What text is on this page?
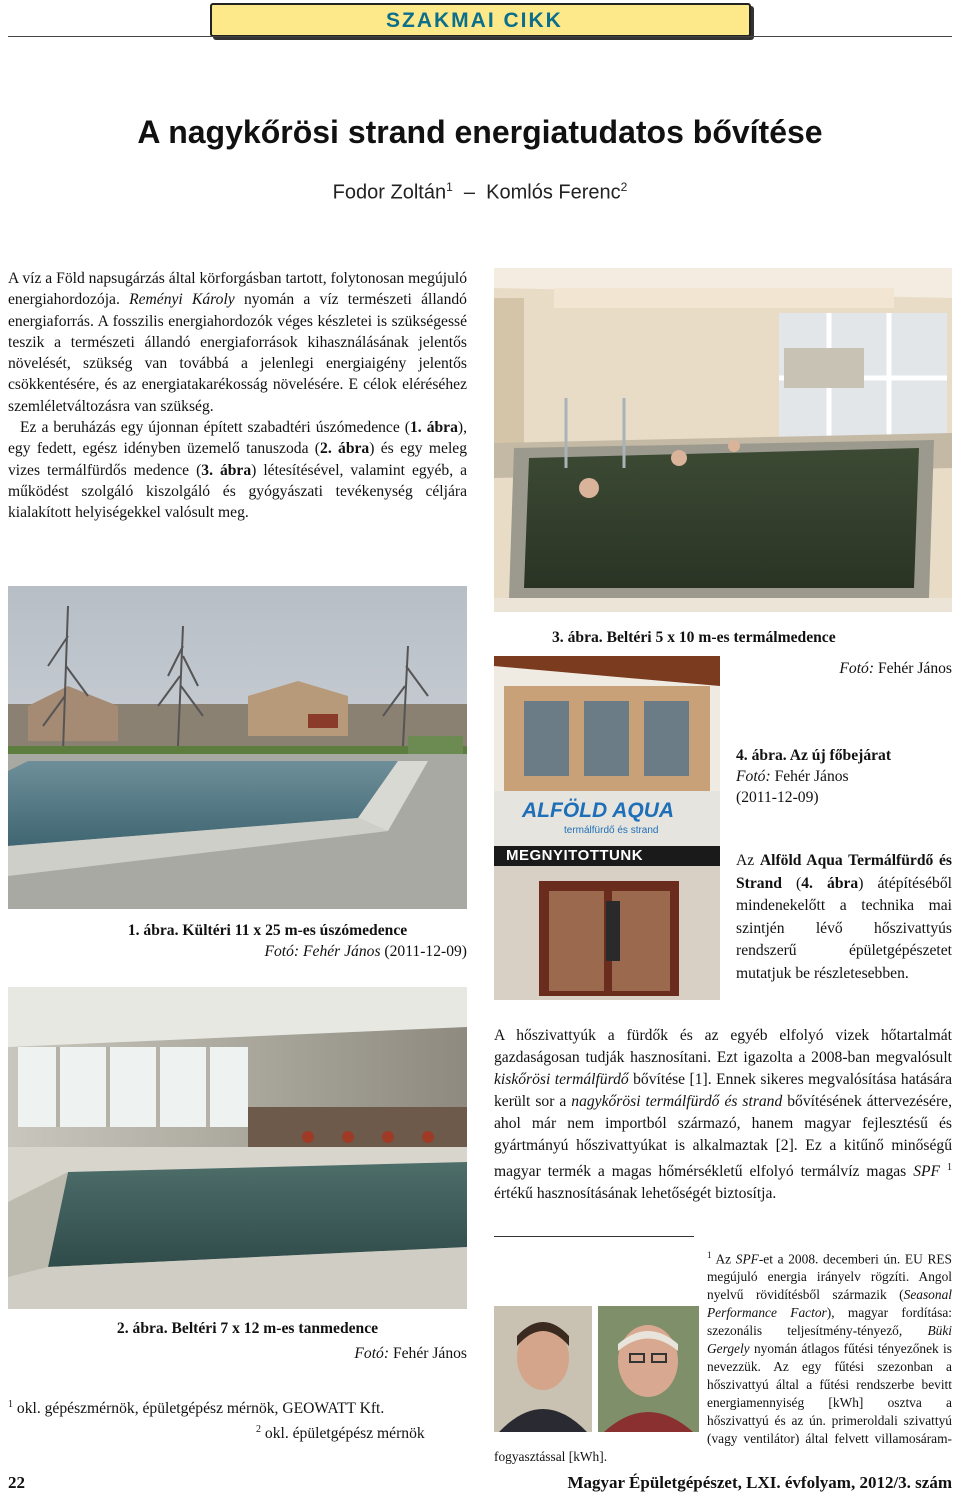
SZAKMAI CIKK
A nagykőrösi strand energiatudatos bővítése
Fodor Zoltán$^1$ – Komlós Ferenc$^2$

A víz a Föld napsugárzás által körforgásban tartott, folytonosan megújuló energiahordozója. Reményi Károly nyomán a víz természeti állandó energiaforrás. A fosszilis energiahordozók véges készletei is szükségessé teszik a természeti állandó energiaforrások kihasználásának jelentős növelését, szükség van továbbá a jelenlegi energiaigény jelentős csökkentésére, és az energiatakarékosság növelésére. E célok eléréséhez szemléletváltozásra van szükség.

Ez a beruházás egy újonnan épített szabadtéri úszómedence (1. ábra), egy fedett, egész idényben üzemelő tanuszoda (2. ábra) és egy meleg vizes termálfürdős medence (3. ábra) létesítésével, valamint egyéb, a működést szolgáló kiszolgáló és gyógyászati tevékenység céljára kialakított helyiségekkel valósult meg.

1. ábra. Kültéri 11 x 25 m-es úszómedence
Fotó: Fehér János (2011-12-09)
2. ábra. Beltéri 7 x 12 m-es tanmedence
Fotó: Fehér János
$^1$ okl. gépészmérnök, épületgépész mérnök, GEOWATT Kft.
$^2$ okl. épületgépész mérnök
3. ábra. Beltéri 5 x 10 m-es termálmedence
Fotó: Fehér János
ALFÖLD AQUA
termálfürdő és strand
MEGNYITOTTUNK
4. ábra. Az új főbejárat
Fotó: Fehér János
(2011-12-09)
Az Alföld Aqua Termálfürdő és Strand (4. ábra) átépítéséből mindenekelőtt a technika mai szintjén lévő hőszivattyús rendszerű épületgépészetet mutatjuk be részletesebben.
A hőszivattyúk a fürdők és az egyéb elfolyó vizek hőtartalmát gazdaságosan tudják hasznosítani. Ezt igazolta a 2008-ban megvalósult kiskőrösi termálfürdő bővítése [1]. Ennek sikeres megvalósítása hatására került sor a nagykőrösi termálfürdő és strand bővítésének áttervezésére, ahol már nem importból származó, hanem magyar fejlesztésű és gyártmányú hőszivattyúkat is alkalmaztak [2]. Ez a kitűnő minőségű magyar termék a magas hőmérsékletű elfolyó termálvíz magas SPF $^1$ értékű hasznosításának lehetőségét biztosítja.
$^1$ Az SPF-et a 2008. decemberi ún. EU RES megújuló energia irányelv rögzíti. Angol nyelvű rövidítésből származik (Seasonal Performance Factor), magyar fordítása: szezonális teljesítmény-tényező, Büki Gergely nyomán átlagos fűtési tényezőnek is nevezzük. Az egy fűtési szezonban a hőszivattyú által a fűtési rendszerbe bevitt energiamennyiség [kWh] osztva a hőszivattyú és az ún. primeroldali szivattyú (vagy ventilátor) által felvett villamosáram-fogyasztással [kWh].
22	Magyar Épületgépészet, LXI. évfolyam, 2012/3. szám
